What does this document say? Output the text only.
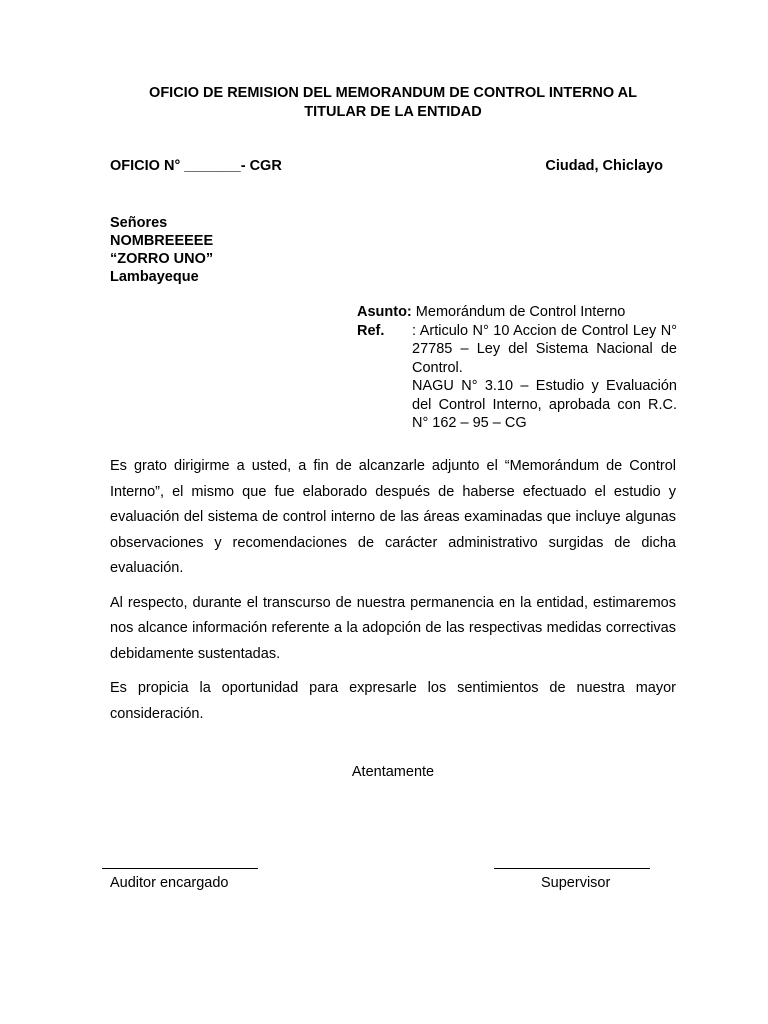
OFICIO DE REMISION DEL MEMORANDUM DE CONTROL INTERNO AL
TITULAR DE LA ENTIDAD
OFICIO N° _______- CGR	Ciudad, Chiclayo
Señores
NOMBREEEEE
“ZORRO UNO”
Lambayeque
Asunto: Memorándum de Control Interno
Ref.	: Articulo N° 10 Accion de Control Ley N° 27785 – Ley del Sistema Nacional de Control.
NAGU N° 3.10 – Estudio y Evaluación del Control Interno, aprobada con R.C. N° 162 – 95 – CG

Es grato dirigirme a usted, a fin de alcanzarle adjunto el “Memorándum de Control Interno”, el mismo que fue elaborado después de haberse efectuado el estudio y evaluación del sistema de control interno de las áreas examinadas que incluye algunas observaciones y recomendaciones de carácter administrativo surgidas de dicha evaluación.

Al respecto, durante el transcurso de nuestra permanencia en la entidad, estimaremos nos alcance información referente a la adopción de las respectivas medidas correctivas debidamente sustentadas.

Es propicia la oportunidad para expresarle los sentimientos de nuestra mayor consideración.

Atentamente
Auditor encargado	Supervisor
